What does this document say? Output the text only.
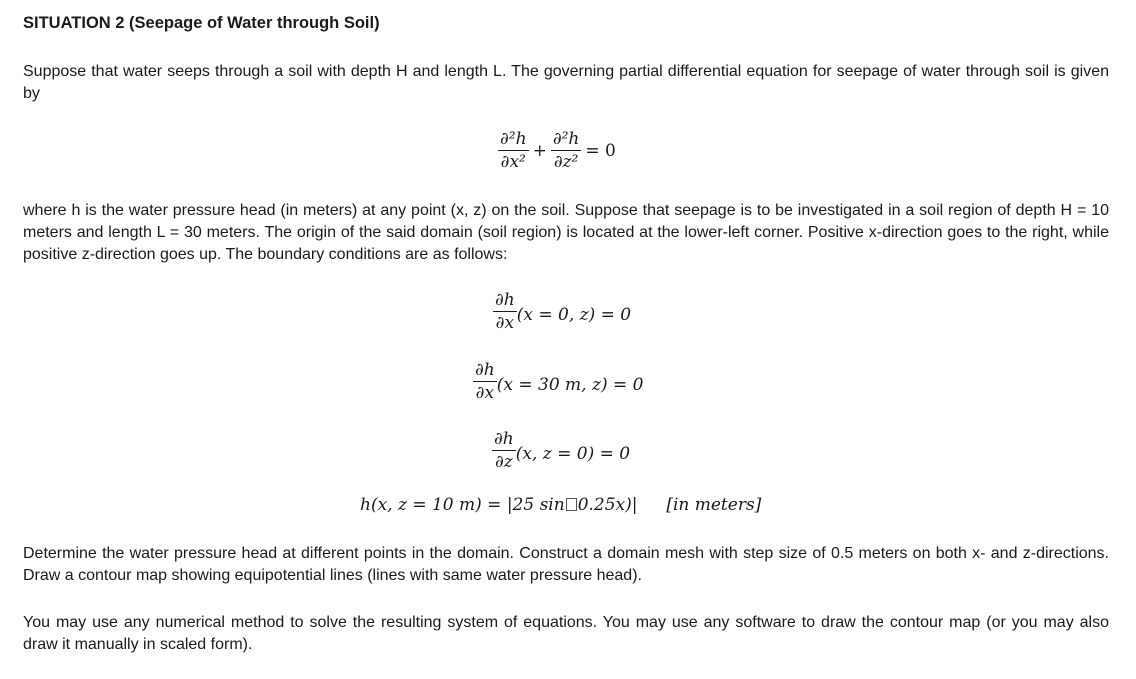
SITUATION 2 (Seepage of Water through Soil)
Suppose that water seeps through a soil with depth H and length L. The governing partial differential equation for seepage of water through soil is given by
$\frac{\text{∂²h}}{\text{∂x²}} + \frac{\text{∂²h}}{\text{∂z²}} = 0$
where h is the water pressure head (in meters) at any point (x, z) on the soil. Suppose that seepage is to be investigated in a soil region of depth H = 10 meters and length L = 30 meters. The origin of the said domain (soil region) is located at the lower-left corner. Positive x-direction goes to the right, while positive z-direction goes up. The boundary conditions are as follows:
$\frac{\partial h}{\partial x} (x = 0$, z) = 0
$\frac{\partial h}{\partial x} (x = 30$ m, z) = 0
$\frac{\partial h}{\partial z} (x$, z = 0) = 0
h(x, z = 10 m) = |25 sin 0.25x)| [in meters]
Determine the water pressure head at different points in the domain. Construct a domain mesh with step size of 0.5 meters on both x- and z-directions. Draw a contour map showing equipotential lines (lines with same water pressure head).
You may use any numerical method to solve the resulting system of equations. You may use any software to draw the contour map (or you may also draw it manually in scaled form).
